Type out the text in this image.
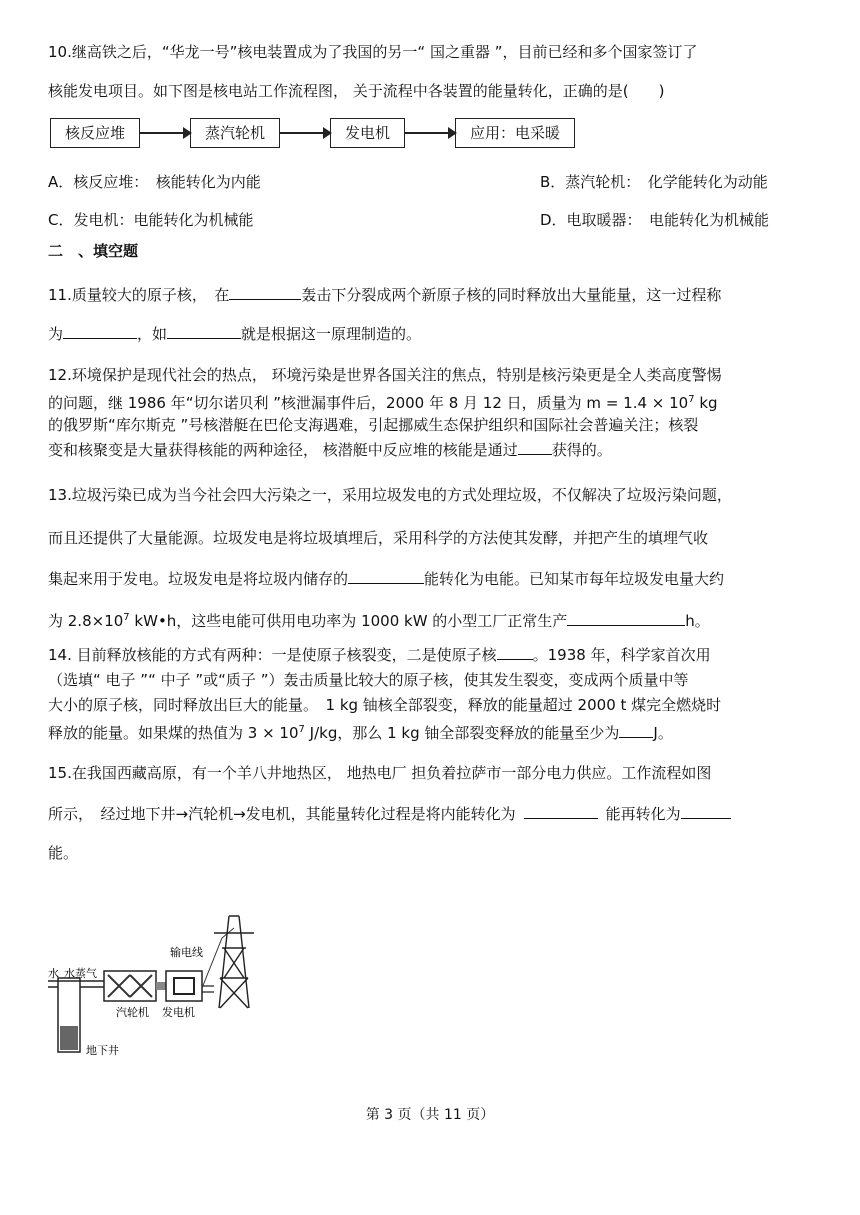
10.继高铁之后，“华龙一号”核电装置成为了我国的另一“ 国之重器 ”，目前已经和多个国家签订了
核能发电项目。如下图是核电站工作流程图， 关于流程中各装置的能量转化，正确的是(　　)
核反应堆	蒸汽轮机	发电机	应用：电采暖
A．核反应堆：　核能转化为内能	B．蒸汽轮机：　化学能转化为动能
C．发电机：电能转化为机械能	D．电取暖器：　电能转化为机械能
二　、填空题
11.质量较大的原子核，　在	轰击下分裂成两个新原子核的同时释放出大量能量，这一过程称
为	，如	就是根据这一原理制造的。
12.环境保护是现代社会的热点， 环境污染是世界各国关注的焦点，特别是核污染更是全人类高度警惕
的问题，继 1986 年“切尔诺贝利 ”核泄漏事件后，2000 年 8 月 12 日，质量为 $m = 1.4 \times 10^7$ kg
的俄罗斯“库尔斯克 ”号核潜艇在巴伦支海遇难，引起挪威生态保护组织和国际社会普遍关注；核裂
变和核聚变是大量获得核能的两种途径， 核潜艇中反应堆的核能是通过 获得的。
13.垃圾污染已成为当今社会四大污染之一，采用垃圾发电的方式处理垃圾，不仅解决了垃圾污染问题，
而且还提供了大量能源。垃圾发电是将垃圾填埋后，采用科学的方法使其发酵，并把产生的填埋气收
集起来用于发电。垃圾发电是将垃圾内储存的	能转化为电能。已知某市每年垃圾发电量大约
为 $2.8\times 10^7$ kW•h，这些电能可供用电功率为 1000 kW 的小型工厂正常生产	h。
14. 目前释放核能的方式有两种：一是使原子核裂变，二是使原子核 。1938 年，科学家首次用
（选填“ 电子 ”“ 中子 ”或“质子 ”）轰击质量比较大的原子核，使其发生裂变，变成两个质量中等
大小的原子核，同时释放出巨大的能量。　1 kg 铀核全部裂变，释放的能量超过 2000 t 煤完全燃烧时
释放的能量。如果煤的热值为 $3 \times 10^7$ J/kg，那么 1 kg 铀全部裂变释放的能量至少为 J。
15.在我国西藏高原，有一个羊八井地热区， 地热电厂 担负着拉萨市一部分电力供应。工作流程如图
所示，　经过地下井→汽轮机→发电机，其能量转化过程是将内能转化为	能再转化为
能。
水 水蒸气
汽轮机 发电机
输电线
地下井
第 3 页（共 11 页）
